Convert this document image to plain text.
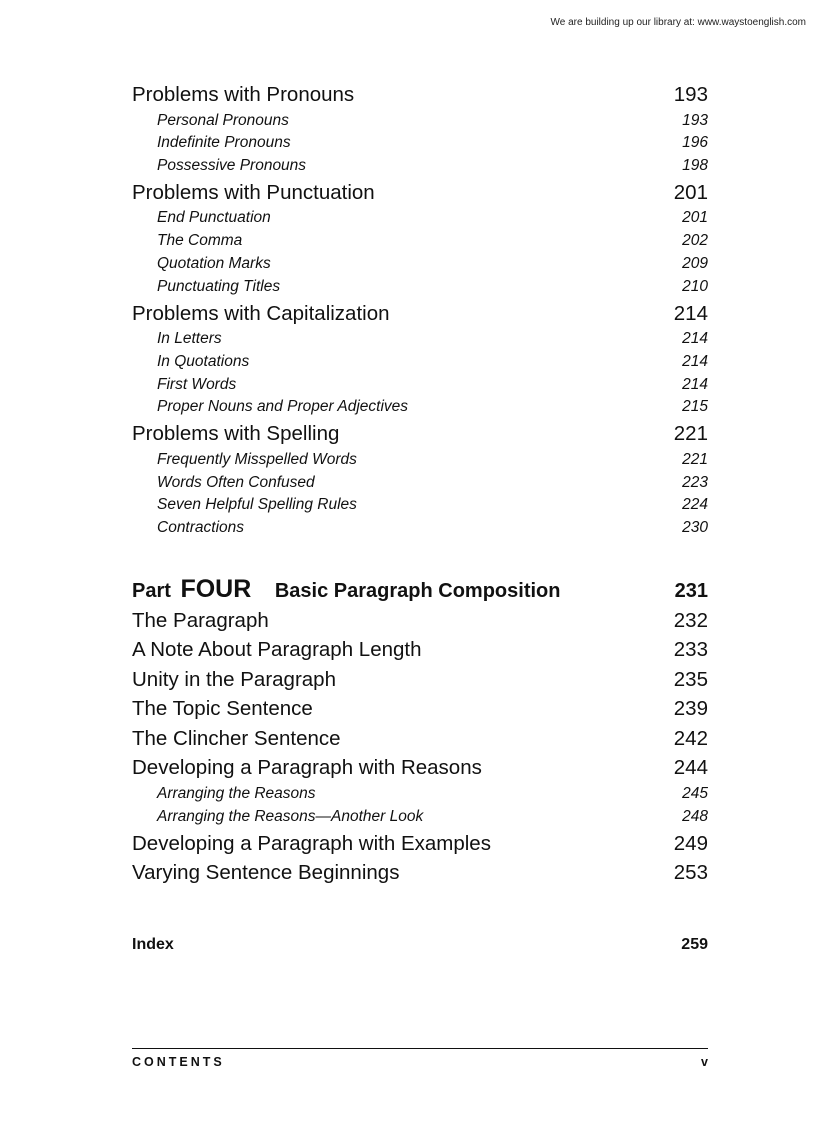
We are building up our library at: www.waystoenglish.com
Problems with Pronouns	193
Personal Pronouns	193
Indefinite Pronouns	196
Possessive Pronouns	198
Problems with Punctuation	201
End Punctuation	201
The Comma	202
Quotation Marks	209
Punctuating Titles	210
Problems with Capitalization	214
In Letters	214
In Quotations	214
First Words	214
Proper Nouns and Proper Adjectives	215
Problems with Spelling	221
Frequently Misspelled Words	221
Words Often Confused	223
Seven Helpful Spelling Rules	224
Contractions	230
Part FOUR Basic Paragraph Composition	231
The Paragraph	232
A Note About Paragraph Length	233
Unity in the Paragraph	235
The Topic Sentence	239
The Clincher Sentence	242
Developing a Paragraph with Reasons	244
Arranging the Reasons	245
Arranging the Reasons—Another Look	248
Developing a Paragraph with Examples	249
Varying Sentence Beginnings	253
Index	259
CONTENTS	v
